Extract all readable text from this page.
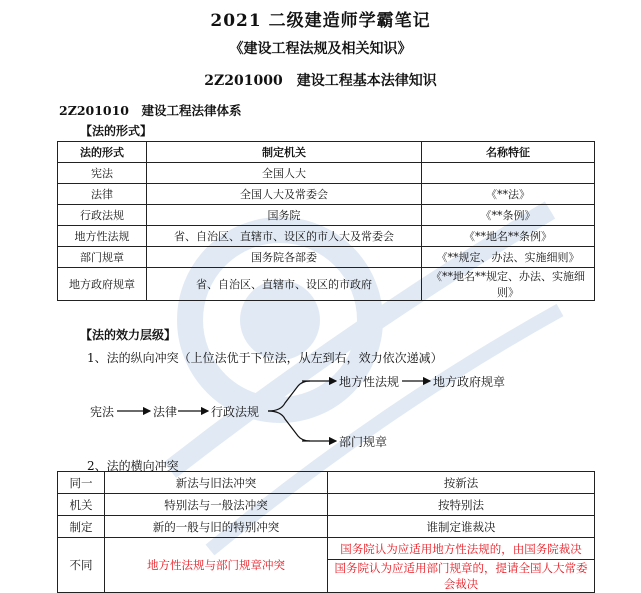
2021 二级建造师学霸笔记
《建设工程法规及相关知识》
2Z201000　建设工程基本法律知识
2Z201010　建设工程法律体系
【法的形式】
法的形式	制定机关	名称特征
宪法	全国人大	
法律	全国人大及常委会	《**法》
行政法规	国务院	《**条例》
地方性法规	省、自治区、直辖市、设区的市人大及常委会	《**地名**条例》
部门规章	国务院各部委	《**规定、办法、实施细则》
地方政府规章	省、自治区、直辖市、设区的市政府	《**地名**规定、办法、实施细则》
【法的效力层级】
1、法的纵向冲突（上位法优于下位法，从左到右，效力依次递减）
宪法	法律	行政法规
地方性法规	地方政府规章
部门规章
2、法的横向冲突
同一	新法与旧法冲突	按新法
机关	特别法与一般法冲突	按特别法
制定	新的一般与旧的特别冲突	谁制定谁裁决
不同	地方性法规与部门规章冲突	国务院认为应适用地方性法规的，由国务院裁决
		国务院认为应适用部门规章的，提请全国人大常委会裁决
